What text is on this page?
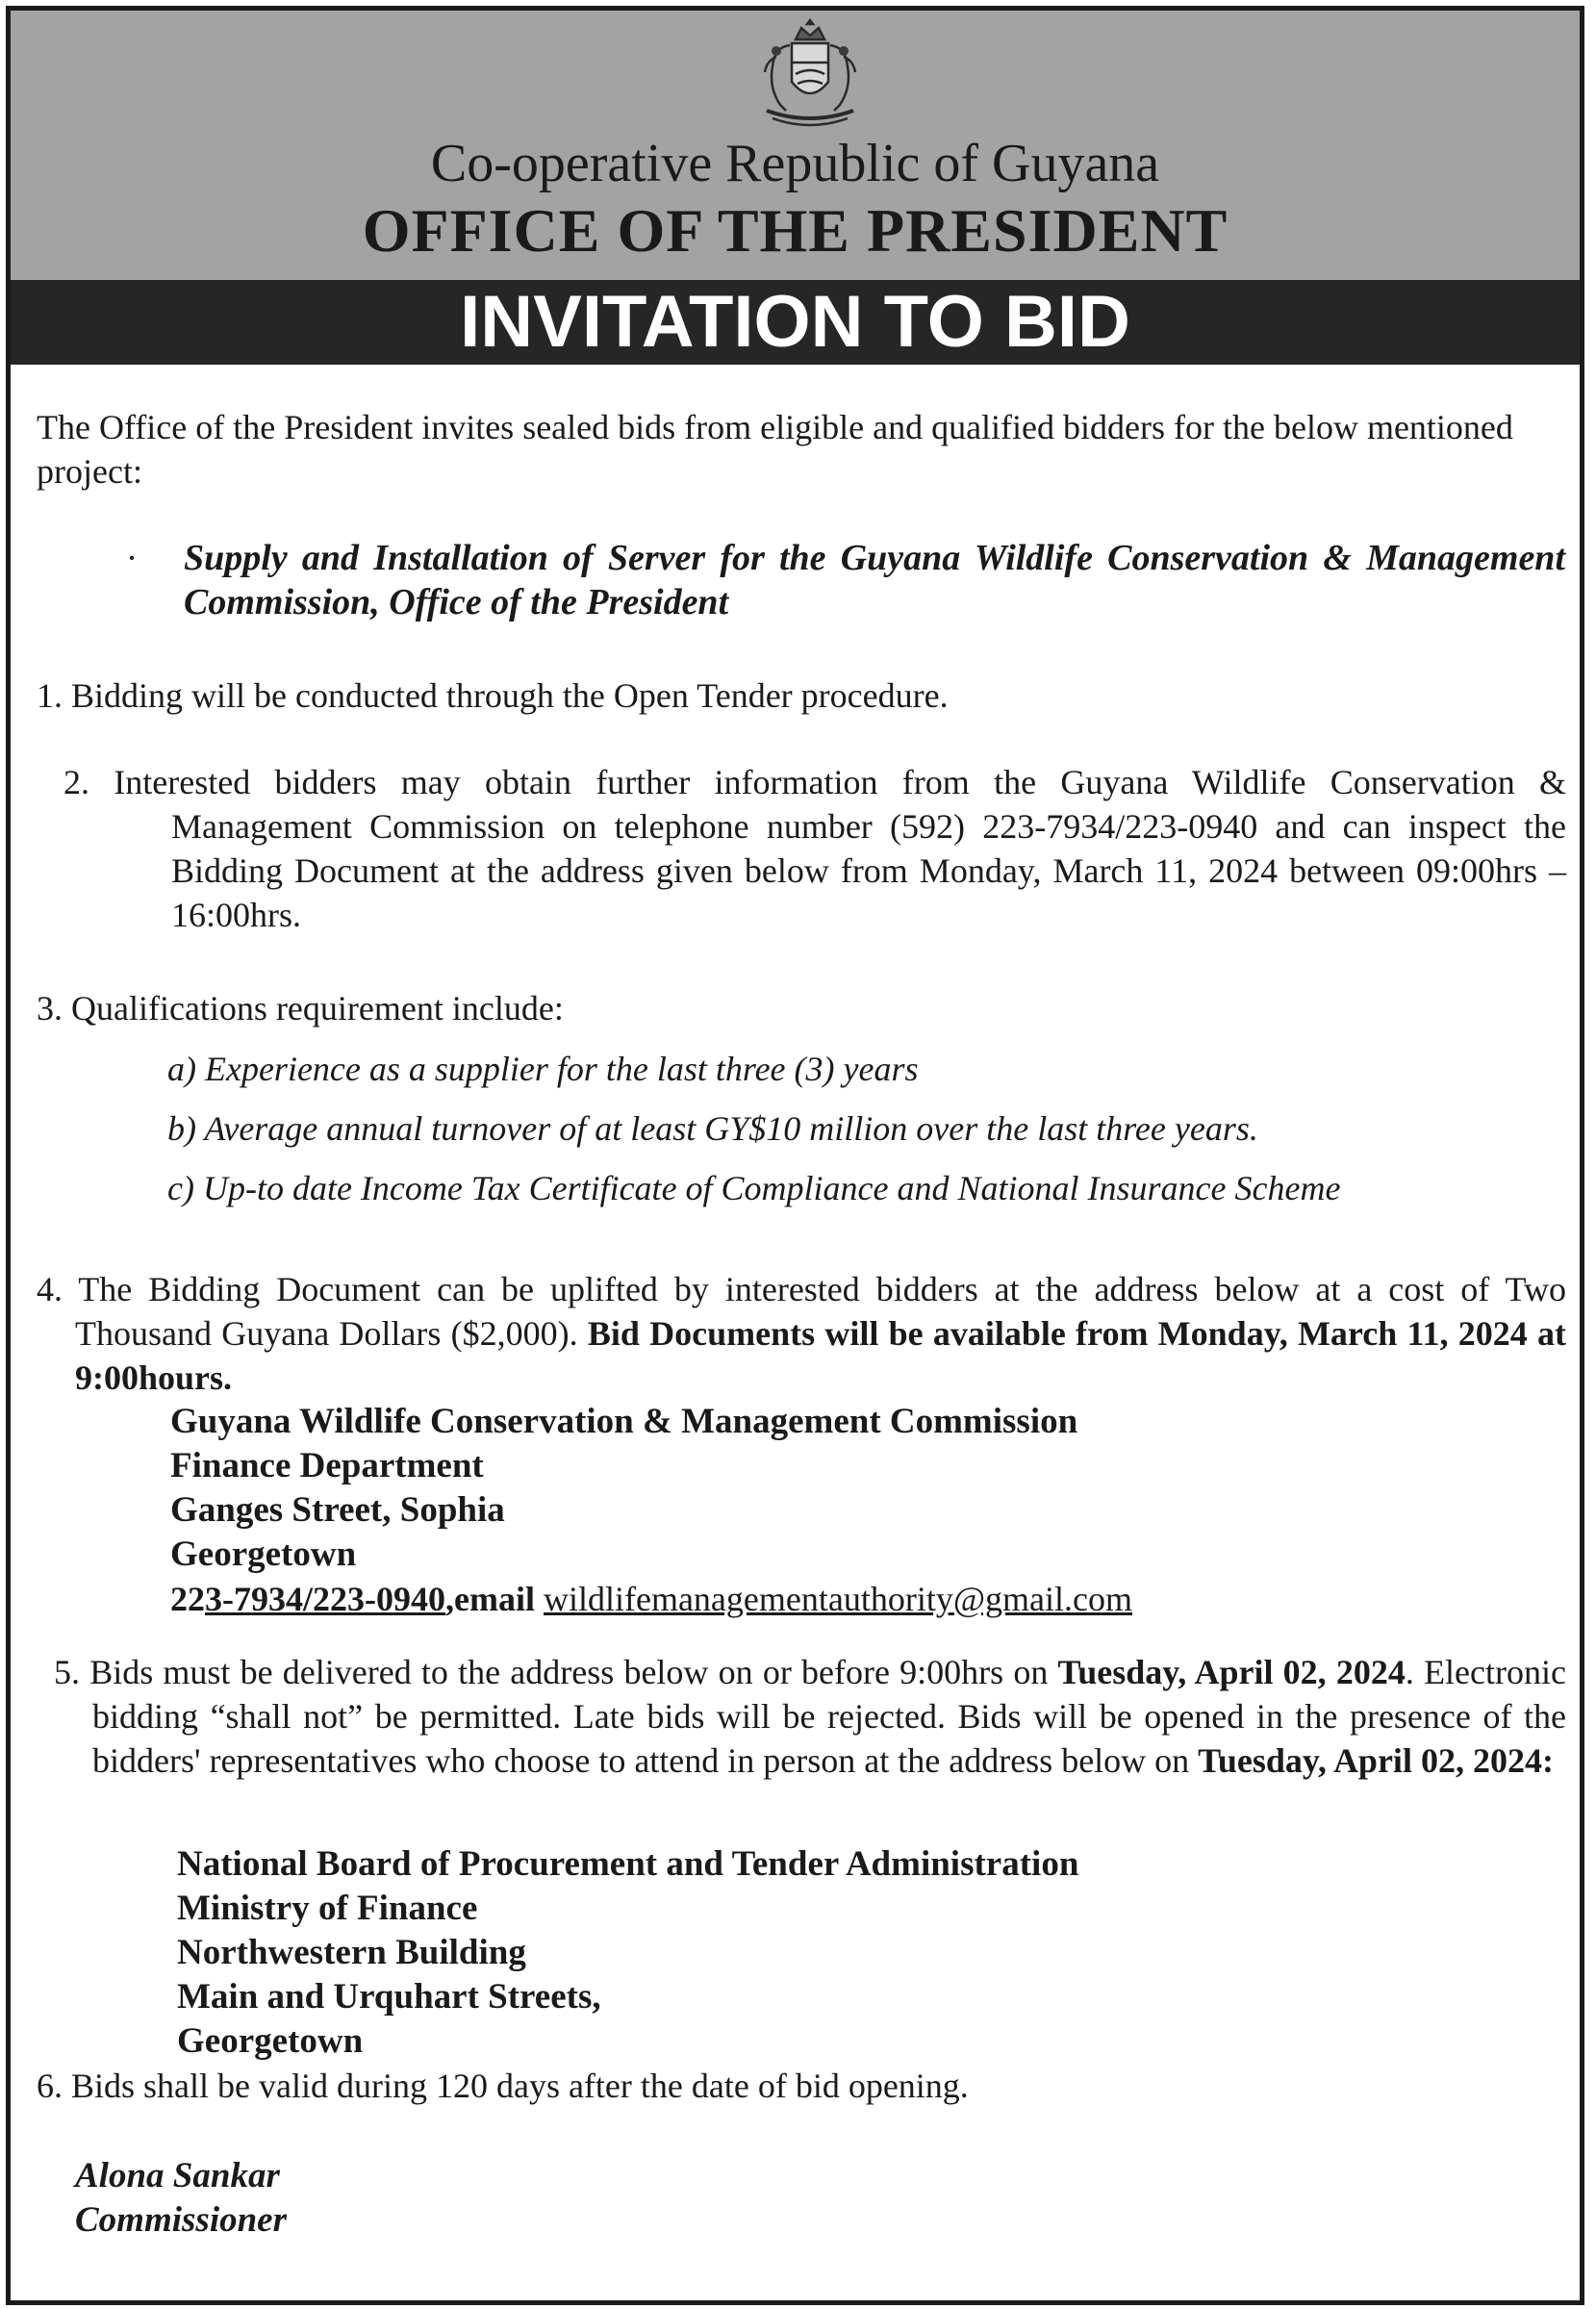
Co-operative Republic of Guyana
OFFICE OF THE PRESIDENT
INVITATION TO BID

The Office of the President invites sealed bids from eligible and qualified bidders for the below mentioned project:

· Supply and Installation of Server for the Guyana Wildlife Conservation & Management Commission, Office of the President

1. Bidding will be conducted through the Open Tender procedure.

2. Interested bidders may obtain further information from the Guyana Wildlife Conservation & Management Commission on telephone number (592) 223-7934/223-0940 and can inspect the Bidding Document at the address given below from Monday, March 11, 2024 between 09:00hrs – 16:00hrs.

3. Qualifications requirement include:

a) Experience as a supplier for the last three (3) years
b) Average annual turnover of at least GY$10 million over the last three years.
c) Up-to date Income Tax Certificate of Compliance and National Insurance Scheme
4. The Bidding Document can be uplifted by interested bidders at the address below at a cost of Two Thousand Guyana Dollars ($2,000). Bid Documents will be available from Monday, March 11, 2024 at 9:00hours.
Guyana Wildlife Conservation & Management Commission
Finance Department
Ganges Street, Sophia
Georgetown
223-7934/223-0940,email wildlifemanagementauthority@gmail.com
5. Bids must be delivered to the address below on or before 9:00hrs on Tuesday, April 02, 2024. Electronic bidding “shall not” be permitted. Late bids will be rejected. Bids will be opened in the presence of the bidders' representatives who choose to attend in person at the address below on Tuesday, April 02, 2024:
National Board of Procurement and Tender Administration
Ministry of Finance
Northwestern Building
Main and Urquhart Streets,
Georgetown

6. Bids shall be valid during 120 days after the date of bid opening.

Alona Sankar
Commissioner
